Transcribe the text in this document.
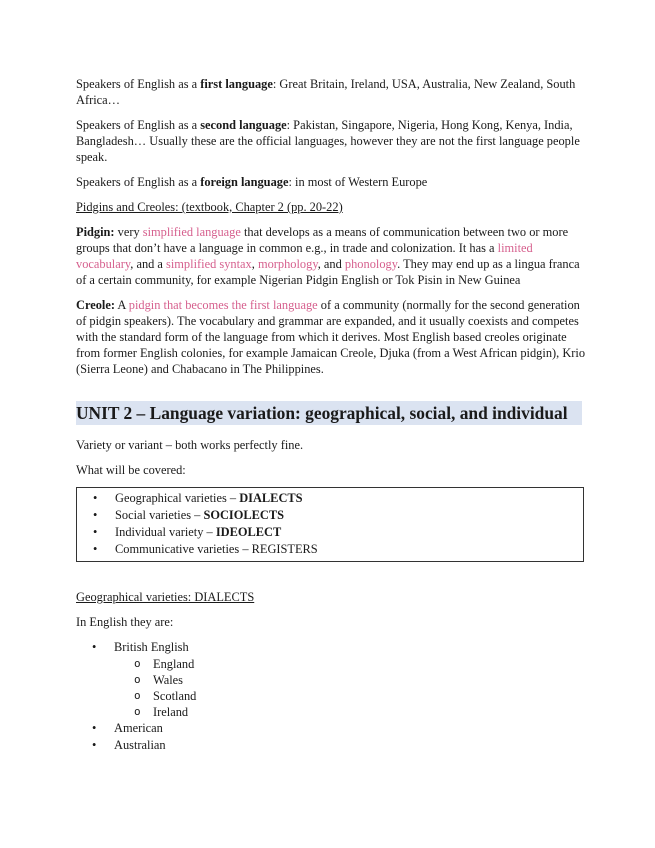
Speakers of English as a first language: Great Britain, Ireland, USA, Australia, New Zealand, South Africa…

Speakers of English as a second language: Pakistan, Singapore, Nigeria, Hong Kong, Kenya, India, Bangladesh… Usually these are the official languages, however they are not the first language people speak.

Speakers of English as a foreign language: in most of Western Europe

Pidgins and Creoles: (textbook, Chapter 2 (pp. 20-22)

Pidgin: very simplified language that develops as a means of communication between two or more groups that don’t have a language in common e.g., in trade and colonization. It has a limited vocabulary, and a simplified syntax, morphology, and phonology. They may end up as a lingua franca of a certain community, for example Nigerian Pidgin English or Tok Pisin in New Guinea

Creole: A pidgin that becomes the first language of a community (normally for the second generation of pidgin speakers). The vocabulary and grammar are expanded, and it usually coexists and competes with the standard form of the language from which it derives. Most English based creoles originate from former English colonies, for example Jamaican Creole, Djuka (from a West African pidgin), Krio (Sierra Leone) and Chabacano in The Philippines.

UNIT 2 – Language variation: geographical, social, and individual

Variety or variant – both works perfectly fine.

What will be covered:

• Geographical varieties – DIALECTS
• Social varieties – SOCIOLECTS
• Individual variety – IDEOLECT
• Communicative varieties – REGISTERS

Geographical varieties: DIALECTS

In English they are:

• British English
o England
o Wales
o Scotland
o Ireland
• American
• Australian
